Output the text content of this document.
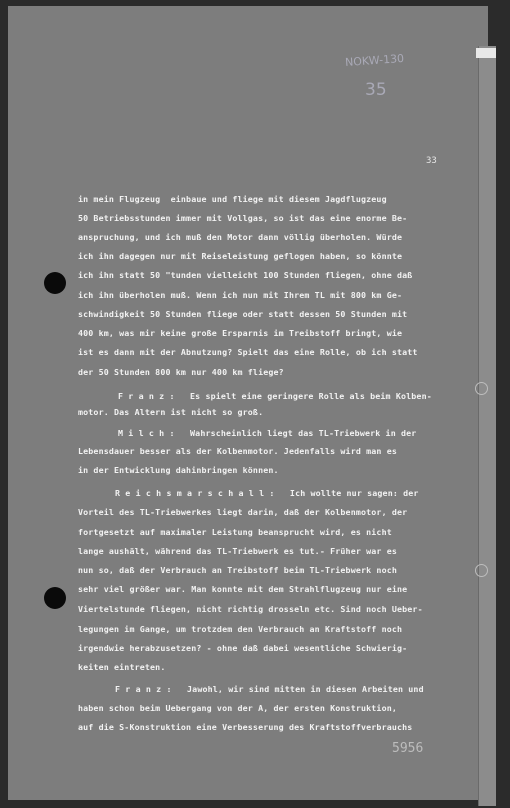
NOKW-130
35
33
in mein Flugzeug  einbaue und fliege mit diesem Jagdflugzeug
50 Betriebsstunden immer mit Vollgas, so ist das eine enorme Be-
anspruchung, und ich muß den Motor dann völlig überholen. Würde
ich ihn dagegen nur mit Reiseleistung geflogen haben, so könnte
ich ihn statt 50 "tunden vielleicht 100 Stunden fliegen, ohne daß
ich ihn überholen muß. Wenn ich nun mit Ihrem TL mit 800 km Ge-
schwindigkeit 50 Stunden fliege oder statt dessen 50 Stunden mit
400 km, was mir keine große Ersparnis im Treibstoff bringt, wie
ist es dann mit der Abnutzung? Spielt das eine Rolle, ob ich statt
der 50 Stunden 800 km nur 400 km fliege?
F r a n z :   Es spielt eine geringere Rolle als beim Kolben-
motor. Das Altern ist nicht so groß.
M i l c h :   Wahrscheinlich liegt das TL-Triebwerk in der
Lebensdauer besser als der Kolbenmotor. Jedenfalls wird man es
in der Entwicklung dahinbringen können.
R e i c h s m a r s c h a l l :   Ich wollte nur sagen: der
Vorteil des TL-Triebwerkes liegt darin, daß der Kolbenmotor, der
fortgesetzt auf maximaler Leistung beansprucht wird, es nicht
lange aushält, während das TL-Triebwerk es tut.- Früher war es
nun so, daß der Verbrauch an Treibstoff beim TL-Triebwerk noch
sehr viel größer war. Man konnte mit dem Strahlflugzeug nur eine
Viertelstunde fliegen, nicht richtig drosseln etc. Sind noch Ueber-
legungen im Gange, um trotzdem den Verbrauch an Kraftstoff noch
irgendwie herabzusetzen? - ohne daß dabei wesentliche Schwierig-
keiten eintreten.
F r a n z :   Jawohl, wir sind mitten in diesen Arbeiten und
haben schon beim Uebergang von der A, der ersten Konstruktion,
auf die S-Konstruktion eine Verbesserung des Kraftstoffverbrauchs
5956
